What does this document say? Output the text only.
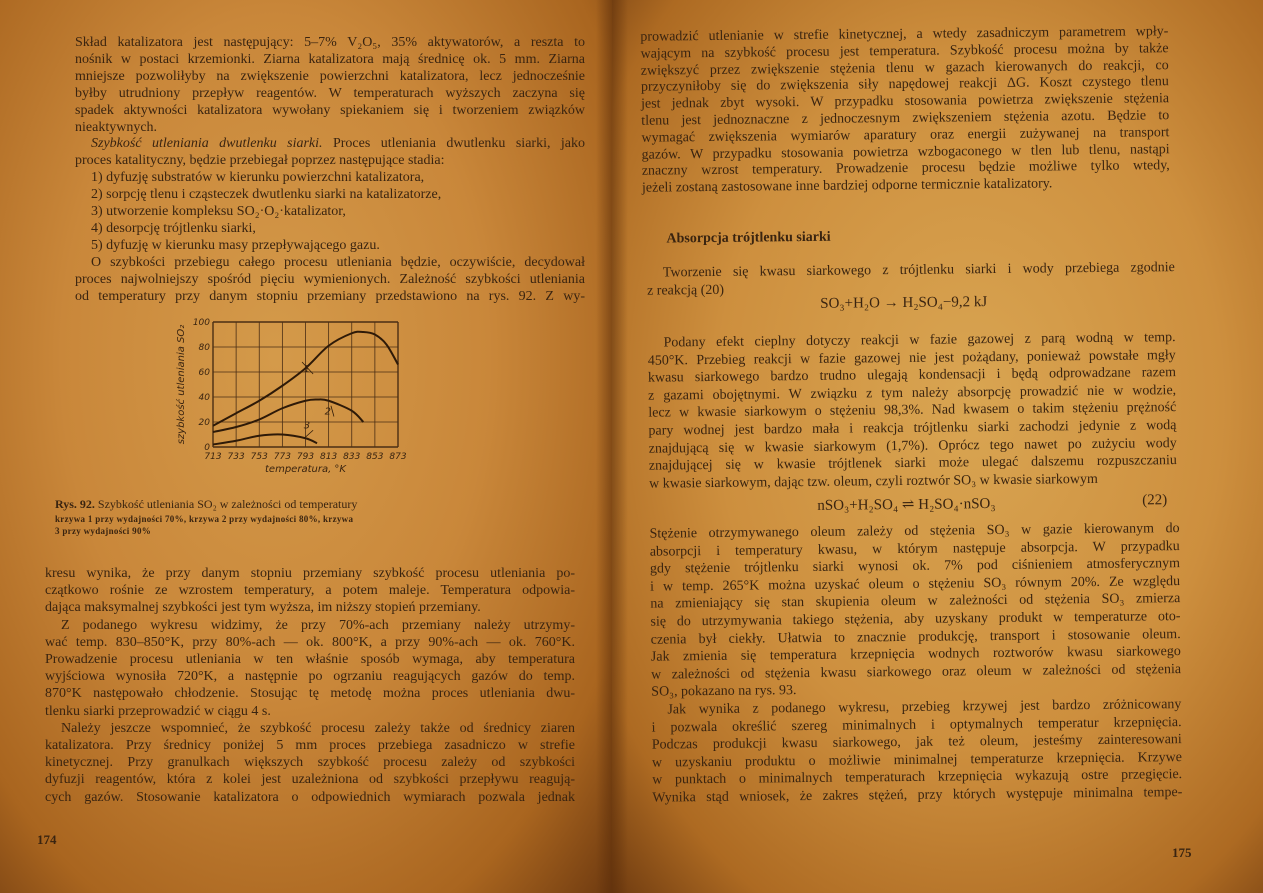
Skład katalizatora jest następujący: 5–7% V₂O₅, 35% aktywatorów, a reszta to
nośnik w postaci krzemionki. Ziarna katalizatora mają średnicę ok. 5 mm. Ziarna
mniejsze pozwoliłyby na zwiększenie powierzchni katalizatora, lecz jednocześnie
byłby utrudniony przepływ reagentów. W temperaturach wyższych zaczyna się
spadek aktywności katalizatora wywołany spiekaniem się i tworzeniem związków
nieaktywnych.
Szybkość utleniania dwutlenku siarki. Proces utleniania dwutlenku siarki, jako
proces katalityczny, będzie przebiegał poprzez następujące stadia:
1) dyfuzję substratów w kierunku powierzchni katalizatora,
2) sorpcję tlenu i cząsteczek dwutlenku siarki na katalizatorze,
3) utworzenie kompleksu SO₂·O₂·katalizator,
4) desorpcję trójtlenku siarki,
5) dyfuzję w kierunku masy przepływającego gazu.
O szybkości przebiegu całego procesu utleniania będzie, oczywiście, decydował
proces najwolniejszy spośród pięciu wymienionych. Zależność szybkości utleniania
od temperatury przy danym stopniu przemiany przedstawiono na rys. 92. Z wy-
kresu wynika, że przy danym stopniu przemiany szybkość procesu utleniania po-
czątkowo rośnie ze wzrostem temperatury, a potem maleje. Temperatura odpowia-
dająca maksymalnej szybkości jest tym wyższa, im niższy stopień przemiany.
Z podanego wykresu widzimy, że przy 70%-ach przemiany należy utrzymy-
wać temp. 830–850°K, przy 80%-ach — ok. 800°K, a przy 90%-ach — ok. 760°K.
Prowadzenie procesu utleniania w ten właśnie sposób wymaga, aby temperatura
wyjściowa wynosiła 720°K, a następnie po ogrzaniu reagujących gazów do temp.
870°K następowało chłodzenie. Stosując tę metodę można proces utleniania dwu-
tlenku siarki przeprowadzić w ciągu 4 s.
Należy jeszcze wspomnieć, że szybkość procesu zależy także od średnicy ziaren
katalizatora. Przy średnicy poniżej 5 mm proces przebiega zasadniczo w strefie
kinetycznej. Przy granulkach większych szybkość procesu zależy od szybkości
dyfuzji reagentów, która z kolei jest uzależniona od szybkości przepływu reagują-
cych gazów. Stosowanie katalizatora o odpowiednich wymiarach pozwala jednak
713 733 753 773 793 813 833 853 873
0
20
40
60
80
100
temperatura, °K
szybkość utleniania SO₂	1
2
3
Rys. 92. Szybkość utleniania SO₂ w zależności od temperatury
krzywa 1 przy wydajności 70%, krzywa 2 przy wydajności 80%, krzywa
3 przy wydajności 90%
174
Absorpcja trójtlenku siarki
SO₃+H₂O → H₂SO₄−9,2 kJ
nSO₃+H₂SO₄ ⇌ H₂SO₄·nSO₃	(22)
prowadzić utlenianie w strefie kinetycznej, a wtedy zasadniczym parametrem wpły-
wającym na szybkość procesu jest temperatura. Szybkość procesu można by także
zwiększyć przez zwiększenie stężenia tlenu w gazach kierowanych do reakcji, co
przyczyniłoby się do zwiększenia siły napędowej reakcji ΔG. Koszt czystego tlenu
jest jednak zbyt wysoki. W przypadku stosowania powietrza zwiększenie stężenia
tlenu jest jednoznaczne z jednoczesnym zwiększeniem stężenia azotu. Będzie to
wymagać zwiększenia wymiarów aparatury oraz energii zużywanej na transport
gazów. W przypadku stosowania powietrza wzbogaconego w tlen lub tlenu, nastąpi
znaczny wzrost temperatury. Prowadzenie procesu będzie możliwe tylko wtedy,
jeżeli zostaną zastosowane inne bardziej odporne termicznie katalizatory.
Tworzenie się kwasu siarkowego z trójtlenku siarki i wody przebiega zgodnie
z reakcją (20)
Podany efekt cieplny dotyczy reakcji w fazie gazowej z parą wodną w temp.
450°K. Przebieg reakcji w fazie gazowej nie jest pożądany, ponieważ powstałe mgły
kwasu siarkowego bardzo trudno ulegają kondensacji i będą odprowadzane razem
z gazami obojętnymi. W związku z tym należy absorpcję prowadzić nie w wodzie,
lecz w kwasie siarkowym o stężeniu 98,3%. Nad kwasem o takim stężeniu prężność
pary wodnej jest bardzo mała i reakcja trójtlenku siarki zachodzi jedynie z wodą
znajdującą się w kwasie siarkowym (1,7%). Oprócz tego nawet po zużyciu wody
znajdującej się w kwasie trójtlenek siarki może ulegać dalszemu rozpuszczaniu
w kwasie siarkowym, dając tzw. oleum, czyli roztwór SO₃ w kwasie siarkowym
Stężenie otrzymywanego oleum zależy od stężenia SO₃ w gazie kierowanym do
absorpcji i temperatury kwasu, w którym następuje absorpcja. W przypadku
gdy stężenie trójtlenku siarki wynosi ok. 7% pod ciśnieniem atmosferycznym
i w temp. 265°K można uzyskać oleum o stężeniu SO₃ równym 20%. Ze względu
na zmieniający się stan skupienia oleum w zależności od stężenia SO₃ zmierza
się do utrzymywania takiego stężenia, aby uzyskany produkt w temperaturze oto-
czenia był ciekły. Ułatwia to znacznie produkcję, transport i stosowanie oleum.
Jak zmienia się temperatura krzepnięcia wodnych roztworów kwasu siarkowego
w zależności od stężenia kwasu siarkowego oraz oleum w zależności od stężenia
SO₃, pokazano na rys. 93.
Jak wynika z podanego wykresu, przebieg krzywej jest bardzo zróżnicowany
i pozwala określić szereg minimalnych i optymalnych temperatur krzepnięcia.
Podczas produkcji kwasu siarkowego, jak też oleum, jesteśmy zainteresowani
w uzyskaniu produktu o możliwie minimalnej temperaturze krzepnięcia. Krzywe
w punktach o minimalnych temperaturach krzepnięcia wykazują ostre przegięcie.
Wynika stąd wniosek, że zakres stężeń, przy których występuje minimalna tempe-
175
